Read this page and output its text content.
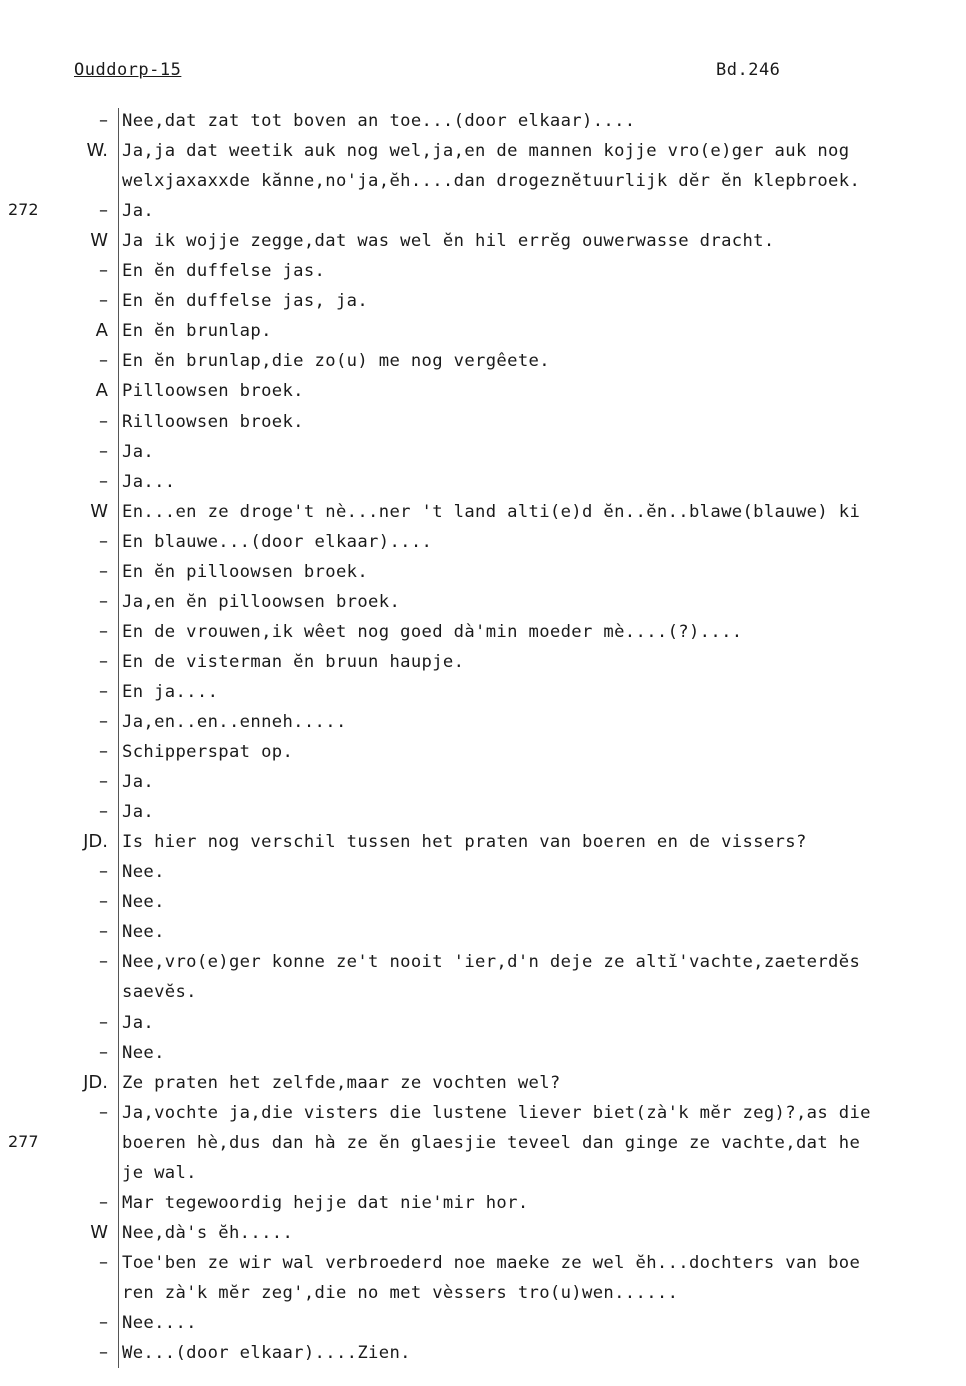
Ouddorp-15	Bd.246
272
277
– Nee,dat zat tot boven an toe...(door elkaar)....
W. Ja,ja dat weetik auk nog wel,ja,en de mannen kojje vro(e)ger auk nog
welxjaxaxxde kănne,no'ja,ĕh....dan drogeznĕtuurlijk dĕr ĕn klepbroek.
– Ja.
W Ja ik wojje zegge,dat was wel ĕn hil errĕg ouwerwasse dracht.
– En ĕn duffelse jas.
– En ĕn duffelse jas, ja.
A En ĕn brunlap.
– En ĕn brunlap,die zo(u) me nog vergêete.
A Pilloowsen broek.
– Rilloowsen broek.
– Ja.
– Ja...
W En...en ze droge't nè...ner 't land alti(e)d ĕn..ĕn..blawe(blauwe) ki
– En blauwe...(door elkaar)....
– En ĕn pilloowsen broek.
– Ja,en ĕn pilloowsen broek.
– En de vrouwen,ik wêet nog goed dà'min moeder mè....(?)....
– En de visterman ĕn bruun haupje.
– En ja....
– Ja,en..en..enneh.....
– Schipperspat op.
– Ja.
– Ja.
JD. Is hier nog verschil tussen het praten van boeren en de vissers?
– Nee.
– Nee.
– Nee.
– Nee,vro(e)ger konne ze't nooit 'ier,d'n deje ze altĭ'vachte,zaeterdĕs
saevĕs.
– Ja.
– Nee.
JD. Ze praten het zelfde,maar ze vochten wel?
– Ja,vochte ja,die visters die lustene liever biet(zà'k mĕr zeg)?,as die
boeren hè,dus dan hà ze ĕn glaesjie teveel dan ginge ze vachte,dat he
je wal.
– Mar tegewoordig hejje dat nie'mir hor.
W Nee,dà's ĕh.....
– Toe'ben ze wir wal verbroederd noe maeke ze wel ĕh...dochters van boe
ren zà'k mĕr zeg',die no met vèssers tro(u)wen......
– Nee....
– We...(door elkaar)....Zien.
